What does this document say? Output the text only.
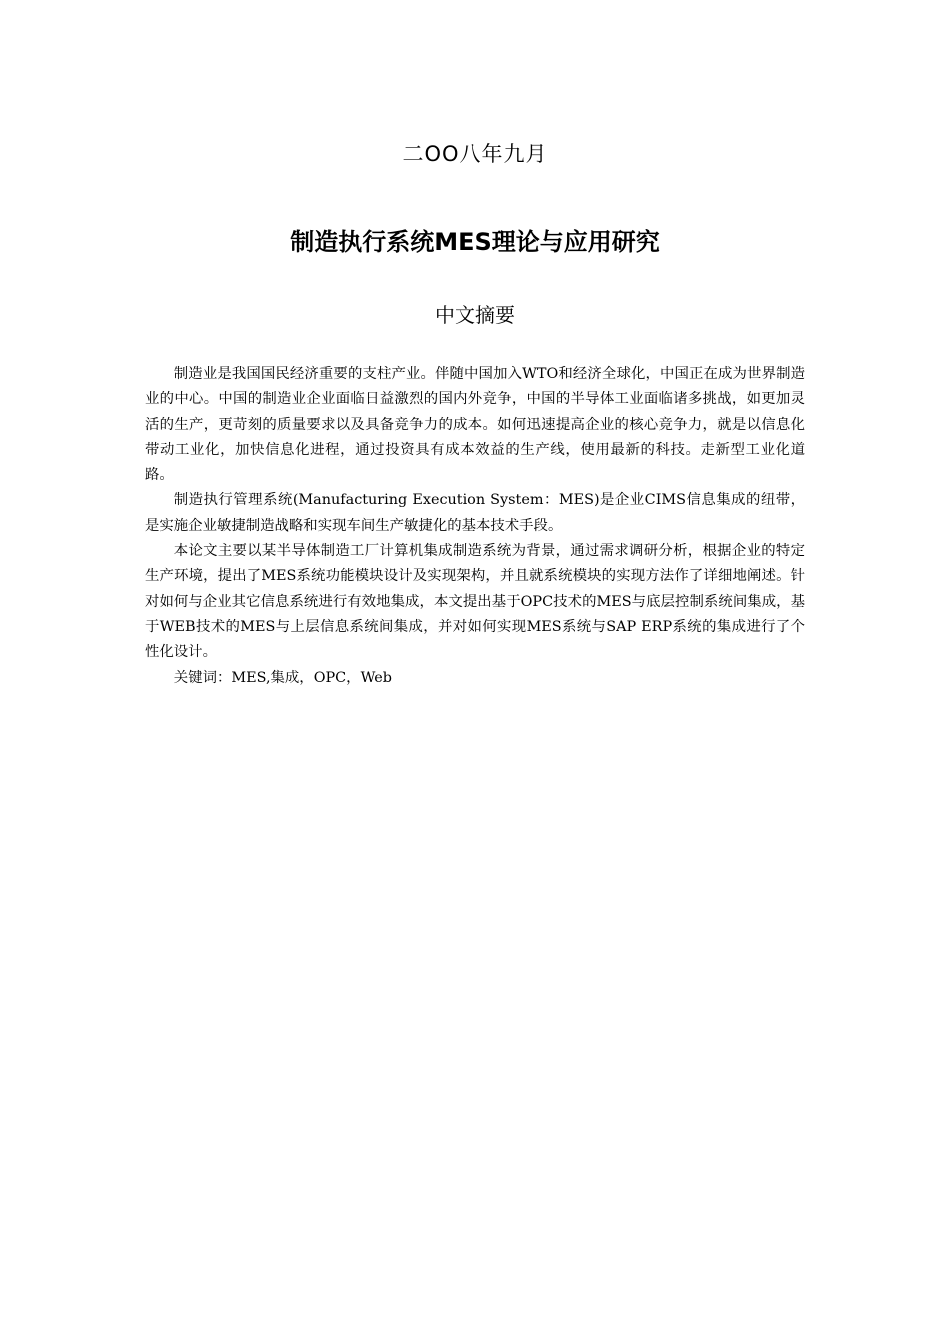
二OO八年九月
制造执行系统MES理论与应用研究
中文摘要

制造业是我国国民经济重要的支柱产业。伴随中国加入WTO和经济全球化，中国正在成为世界制造业的中心。中国的制造业企业面临日益激烈的国内外竞争，中国的半导体工业面临诸多挑战，如更加灵活的生产，更苛刻的质量要求以及具备竞争力的成本。如何迅速提高企业的核心竞争力，就是以信息化带动工业化，加快信息化进程，通过投资具有成本效益的生产线，使用最新的科技。走新型工业化道路。

制造执行管理系统(Manufacturing Execution System：MES)是企业CIMS信息集成的纽带，是实施企业敏捷制造战略和实现车间生产敏捷化的基本技术手段。

本论文主要以某半导体制造工厂计算机集成制造系统为背景，通过需求调研分析，根据企业的特定生产环境，提出了MES系统功能模块设计及实现架构，并且就系统模块的实现方法作了详细地阐述。针对如何与企业其它信息系统进行有效地集成，本文提出基于OPC技术的MES与底层控制系统间集成，基于WEB技术的MES与上层信息系统间集成，并对如何实现MES系统与SAP ERP系统的集成进行了个性化设计。

关键词：MES,集成，OPC，Web
